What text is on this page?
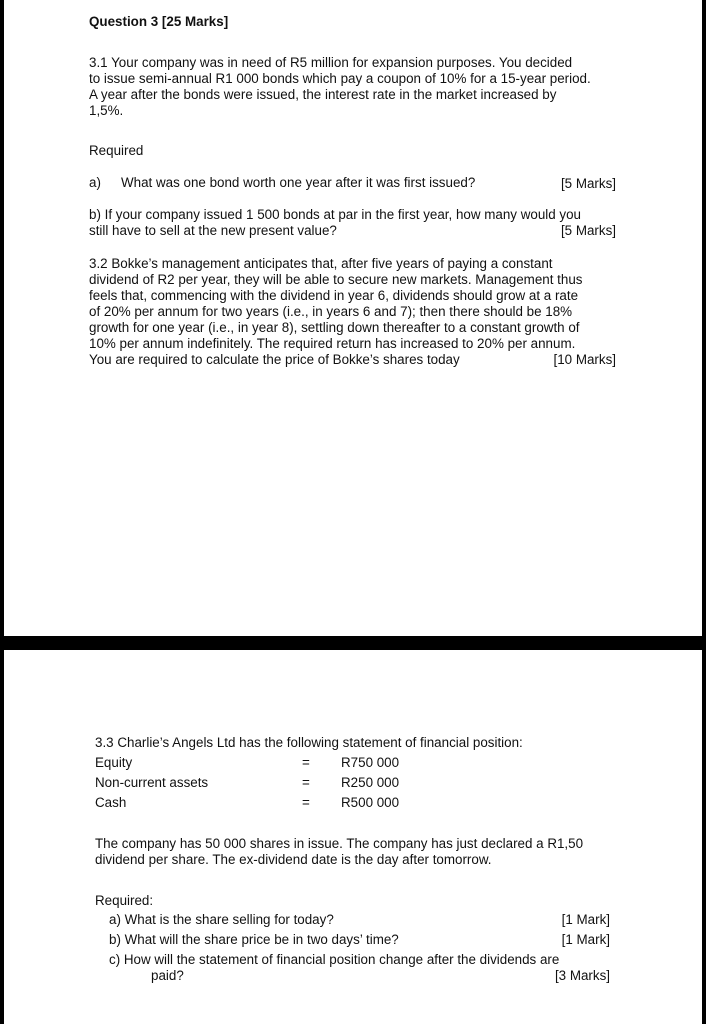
Question 3 [25 Marks]
3.1 Your company was in need of R5 million for expansion purposes. You decided
to issue semi-annual R1 000 bonds which pay a coupon of 10% for a 15-year period.
A year after the bonds were issued, the interest rate in the market increased by
1,5%.
Required
a) What was one bond worth one year after it was first issued?	[5 Marks]
b) If your company issued 1 500 bonds at par in the first year, how many would you
still have to sell at the new present value?	[5 Marks]
3.2 Bokke’s management anticipates that, after five years of paying a constant
dividend of R2 per year, they will be able to secure new markets. Management thus
feels that, commencing with the dividend in year 6, dividends should grow at a rate
of 20% per annum for two years (i.e., in years 6 and 7); then there should be 18%
growth for one year (i.e., in year 8), settling down thereafter to a constant growth of
10% per annum indefinitely. The required return has increased to 20% per annum.
You are required to calculate the price of Bokke’s shares today	[10 Marks]
3.3 Charlie’s Angels Ltd has the following statement of financial position:
Equity	= R750 000
Non-current assets	= R250 000
Cash	= R500 000
The company has 50 000 shares in issue. The company has just declared a R1,50
dividend per share. The ex-dividend date is the day after tomorrow.
Required:
a) What is the share selling for today?	[1 Mark]
b) What will the share price be in two days’ time?	[1 Mark]
c) How will the statement of financial position change after the dividends are
paid?	[3 Marks]
